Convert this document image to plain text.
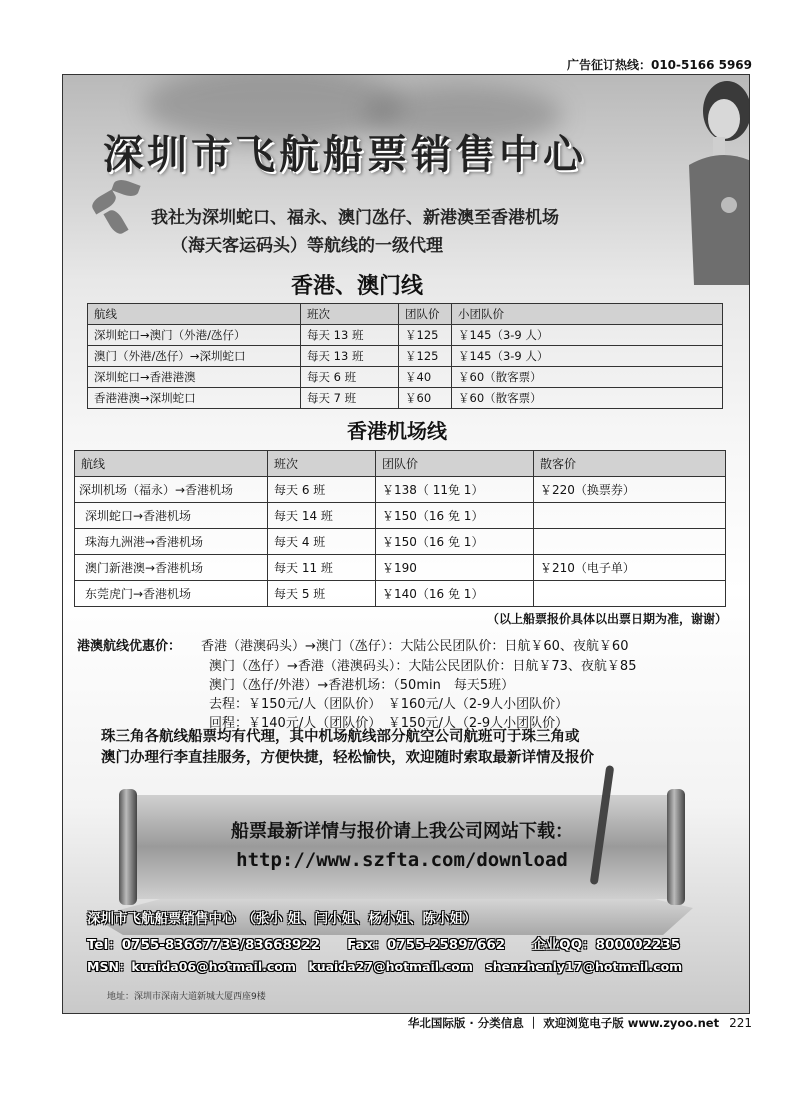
广告征订热线：010-5166 5969
深圳市飞航船票销售中心
我社为深圳蛇口、福永、澳门氹仔、新港澳至香港机场
（海天客运码头）等航线的一级代理
香港、澳门线
航线	班次	团队价	小团队价
深圳蛇口→澳门（外港/氹仔）	每天 13 班	￥125	￥145（3-9 人）
澳门（外港/氹仔）→深圳蛇口	每天 13 班	￥125	￥145（3-9 人）
深圳蛇口→香港港澳	每天 6 班	￥40	￥60（散客票）
香港港澳→深圳蛇口	每天 7 班	￥60	￥60（散客票）
香港机场线
航线	班次	团队价	散客价
深圳机场（福永）→香港机场	每天 6 班	￥138（ 11免 1）	￥220（换票券）
深圳蛇口→香港机场	每天 14 班	￥150（16 免 1）	
珠海九洲港→香港机场	每天 4 班	￥150（16 免 1）	
澳门新港澳→香港机场	每天 11 班	￥190	￥210（电子单）
东莞虎门→香港机场	每天 5 班	￥140（16 免 1）	
（以上船票报价具体以出票日期为准，谢谢）
港澳航线优惠价： 香港（港澳码头）→澳门（氹仔）：大陆公民团队价：日航￥60、夜航￥60
澳门（氹仔）→香港（港澳码头）：大陆公民团队价：日航￥73、夜航￥85
澳门（氹仔/外港）→香港机场：（50min　每天5班）
去程：￥150元/人（团队价）　￥160元/人（2-9人小团队价）
回程：￥140元/人（团队价）　￥150元/人（2-9人小团队价）
珠三角各航线船票均有代理，其中机场航线部分航空公司航班可于珠三角或
澳门办理行李直挂服务，方便快捷，轻松愉快，欢迎随时索取最新详情及报价
船票最新详情与报价请上我公司网站下载：
http://www.szfta.com/download
深圳市飞航船票销售中心　（张小 姐、闫小姐、杨小姐、陈小姐）
Tel：0755-83667733/83668922　　Fax：0755-25897662　　企业QQ：800002235
MSN：kuaida06@hotmail.com　kuaida27@hotmail.com　shenzhenly17@hotmail.com
地址：深圳市深南大道新城大厦西座9楼
华北国际版 · 分类信息 ｜ 欢迎浏览电子版 www.zyoo.net 221
